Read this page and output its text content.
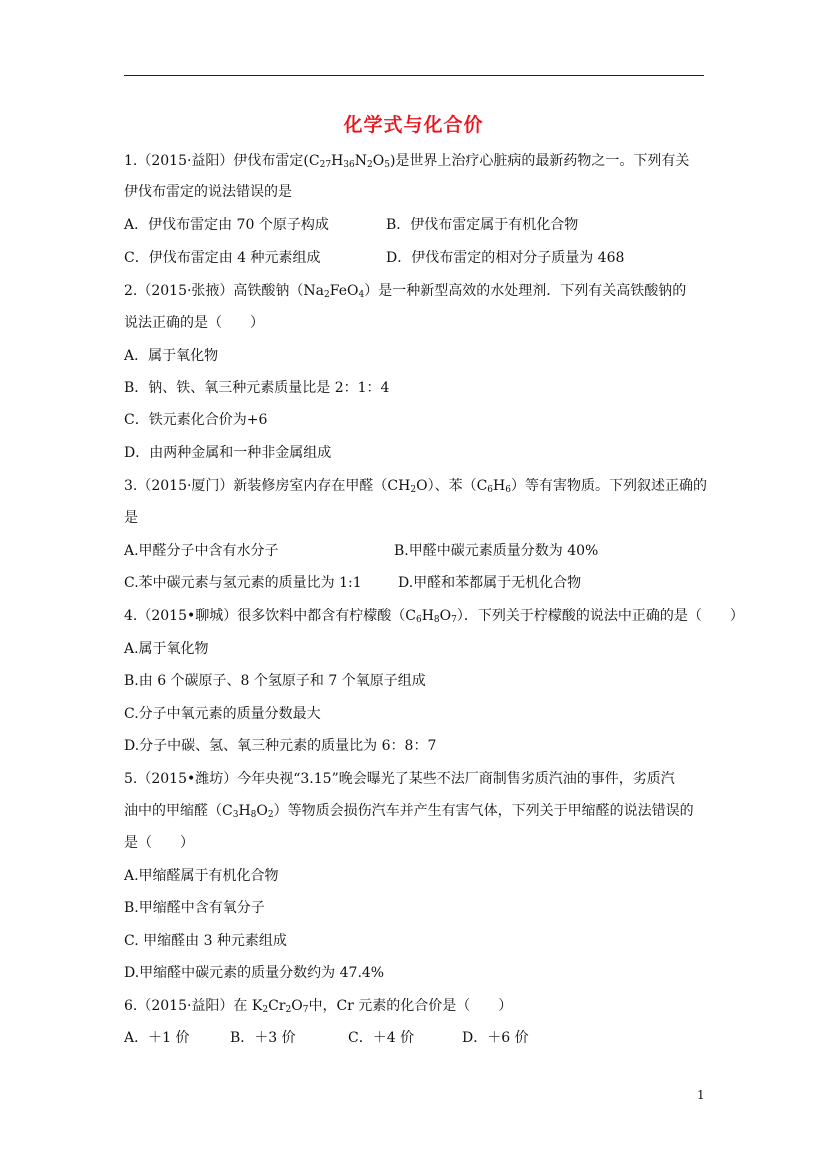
化学式与化合价
1.（2015·益阳）伊伐布雷定$(C_{27}H_{36}N_2O_5)$是世界上治疗心脏病的最新药物之一。下列有关
伊伐布雷定的说法错误的是
A．伊伐布雷定由 70 个原子构成	B．伊伐布雷定属于有机化合物
C．伊伐布雷定由 4 种元素组成	D．伊伐布雷定的相对分子质量为 468
2.（2015·张掖）高铁酸钠$(Na_2FeO_4)$是一种新型高效的水处理剂．下列有关高铁酸钠的
说法正确的是（　　）
A．属于氧化物
B．钠、铁、氧三种元素质量比是 2：1：4
C．铁元素化合价为+6
D．由两种金属和一种非金属组成
3.（2015·厦门）新装修房室内存在甲醛$(CH_2O)$、苯$(C_6H_6)$等有害物质。下列叙述正确的
是
A.甲醛分子中含有水分子	B.甲醛中碳元素质量分数为 40%
C.苯中碳元素与氢元素的质量比为 1:1	D.甲醛和苯都属于无机化合物
4.（2015•聊城）很多饮料中都含有柠檬酸$(C_6H_8O_7)$．下列关于柠檬酸的说法中正确的是（　　）
A.属于氧化物
B.由 6 个碳原子、8 个氢原子和 7 个氧原子组成
C.分子中氧元素的质量分数最大
D.分子中碳、氢、氧三种元素的质量比为 6：8：7
5.（2015•潍坊）今年央视“3.15”晚会曝光了某些不法厂商制售劣质汽油的事件，劣质汽
油中的甲缩醛$(C_3H_8O_2)$等物质会损伤汽车并产生有害气体，下列关于甲缩醛的说法错误的
是（　　）
A.甲缩醛属于有机化合物
B.甲缩醛中含有氧分子
C. 甲缩醛由 3 种元素组成
D.甲缩醛中碳元素的质量分数约为 47.4%
6.（2015·益阳）在 $K_2Cr_2O_7$中，Cr 元素的化合价是（　　）
A．＋1 价	B．＋3 价	C．＋4 价	D．＋6 价
1
